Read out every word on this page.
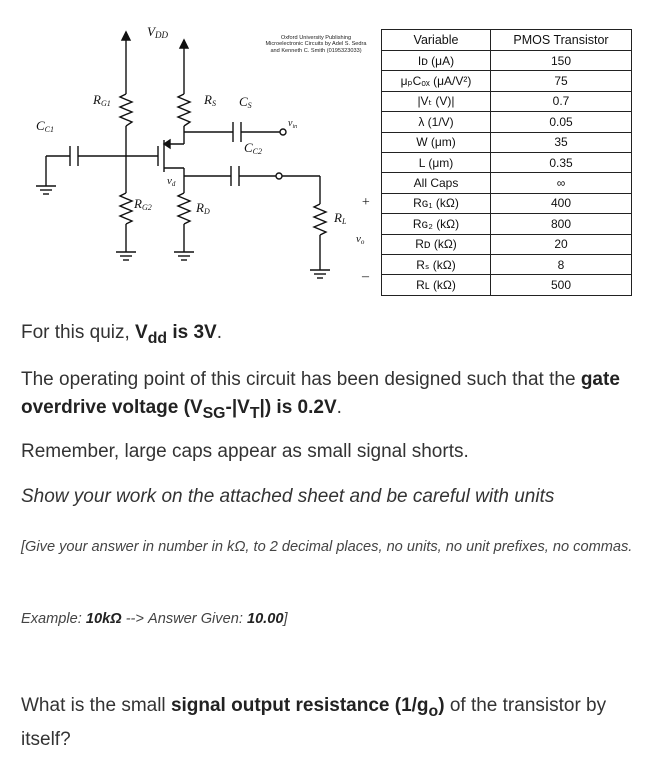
VDD
RG1
CC1
RG2
RS CS
$v_{in}$
CC2
vd
RD	RL
vo
+
–
Oxford University Publishing Microelectronic Circuits by Adel S. Sedra and Kenneth C. Smith (0195323033)
Variable	PMOS Transistor
Iᴅ (μA)	150
μₚCₒₓ (μA/V²)	75
|Vₜ (V)|	0.7
λ (1/V)	0.05
W (μm)	35
L (μm)	0.35
All Caps	∞
Rɢ₁ (kΩ)	400
Rɢ₂ (kΩ)	800
Rᴅ (kΩ)	20
Rₛ (kΩ)	8
Rʟ (kΩ)	500
For this quiz, $V_{dd}$ is 3V.
The operating point of this circuit has been designed such that the gate overdrive voltage $(V_{SG}-|V_T|)$ is 0.2V.
Remember, large caps appear as small signal shorts.
Show your work on the attached sheet and be careful with units
[Give your answer in number in kΩ, to 2 decimal places, no units, no unit prefixes, no commas.
Example: 10kΩ --> Answer Given: 10.00]
What is the small signal output resistance $(1/g_o)$ of the transistor by itself?
